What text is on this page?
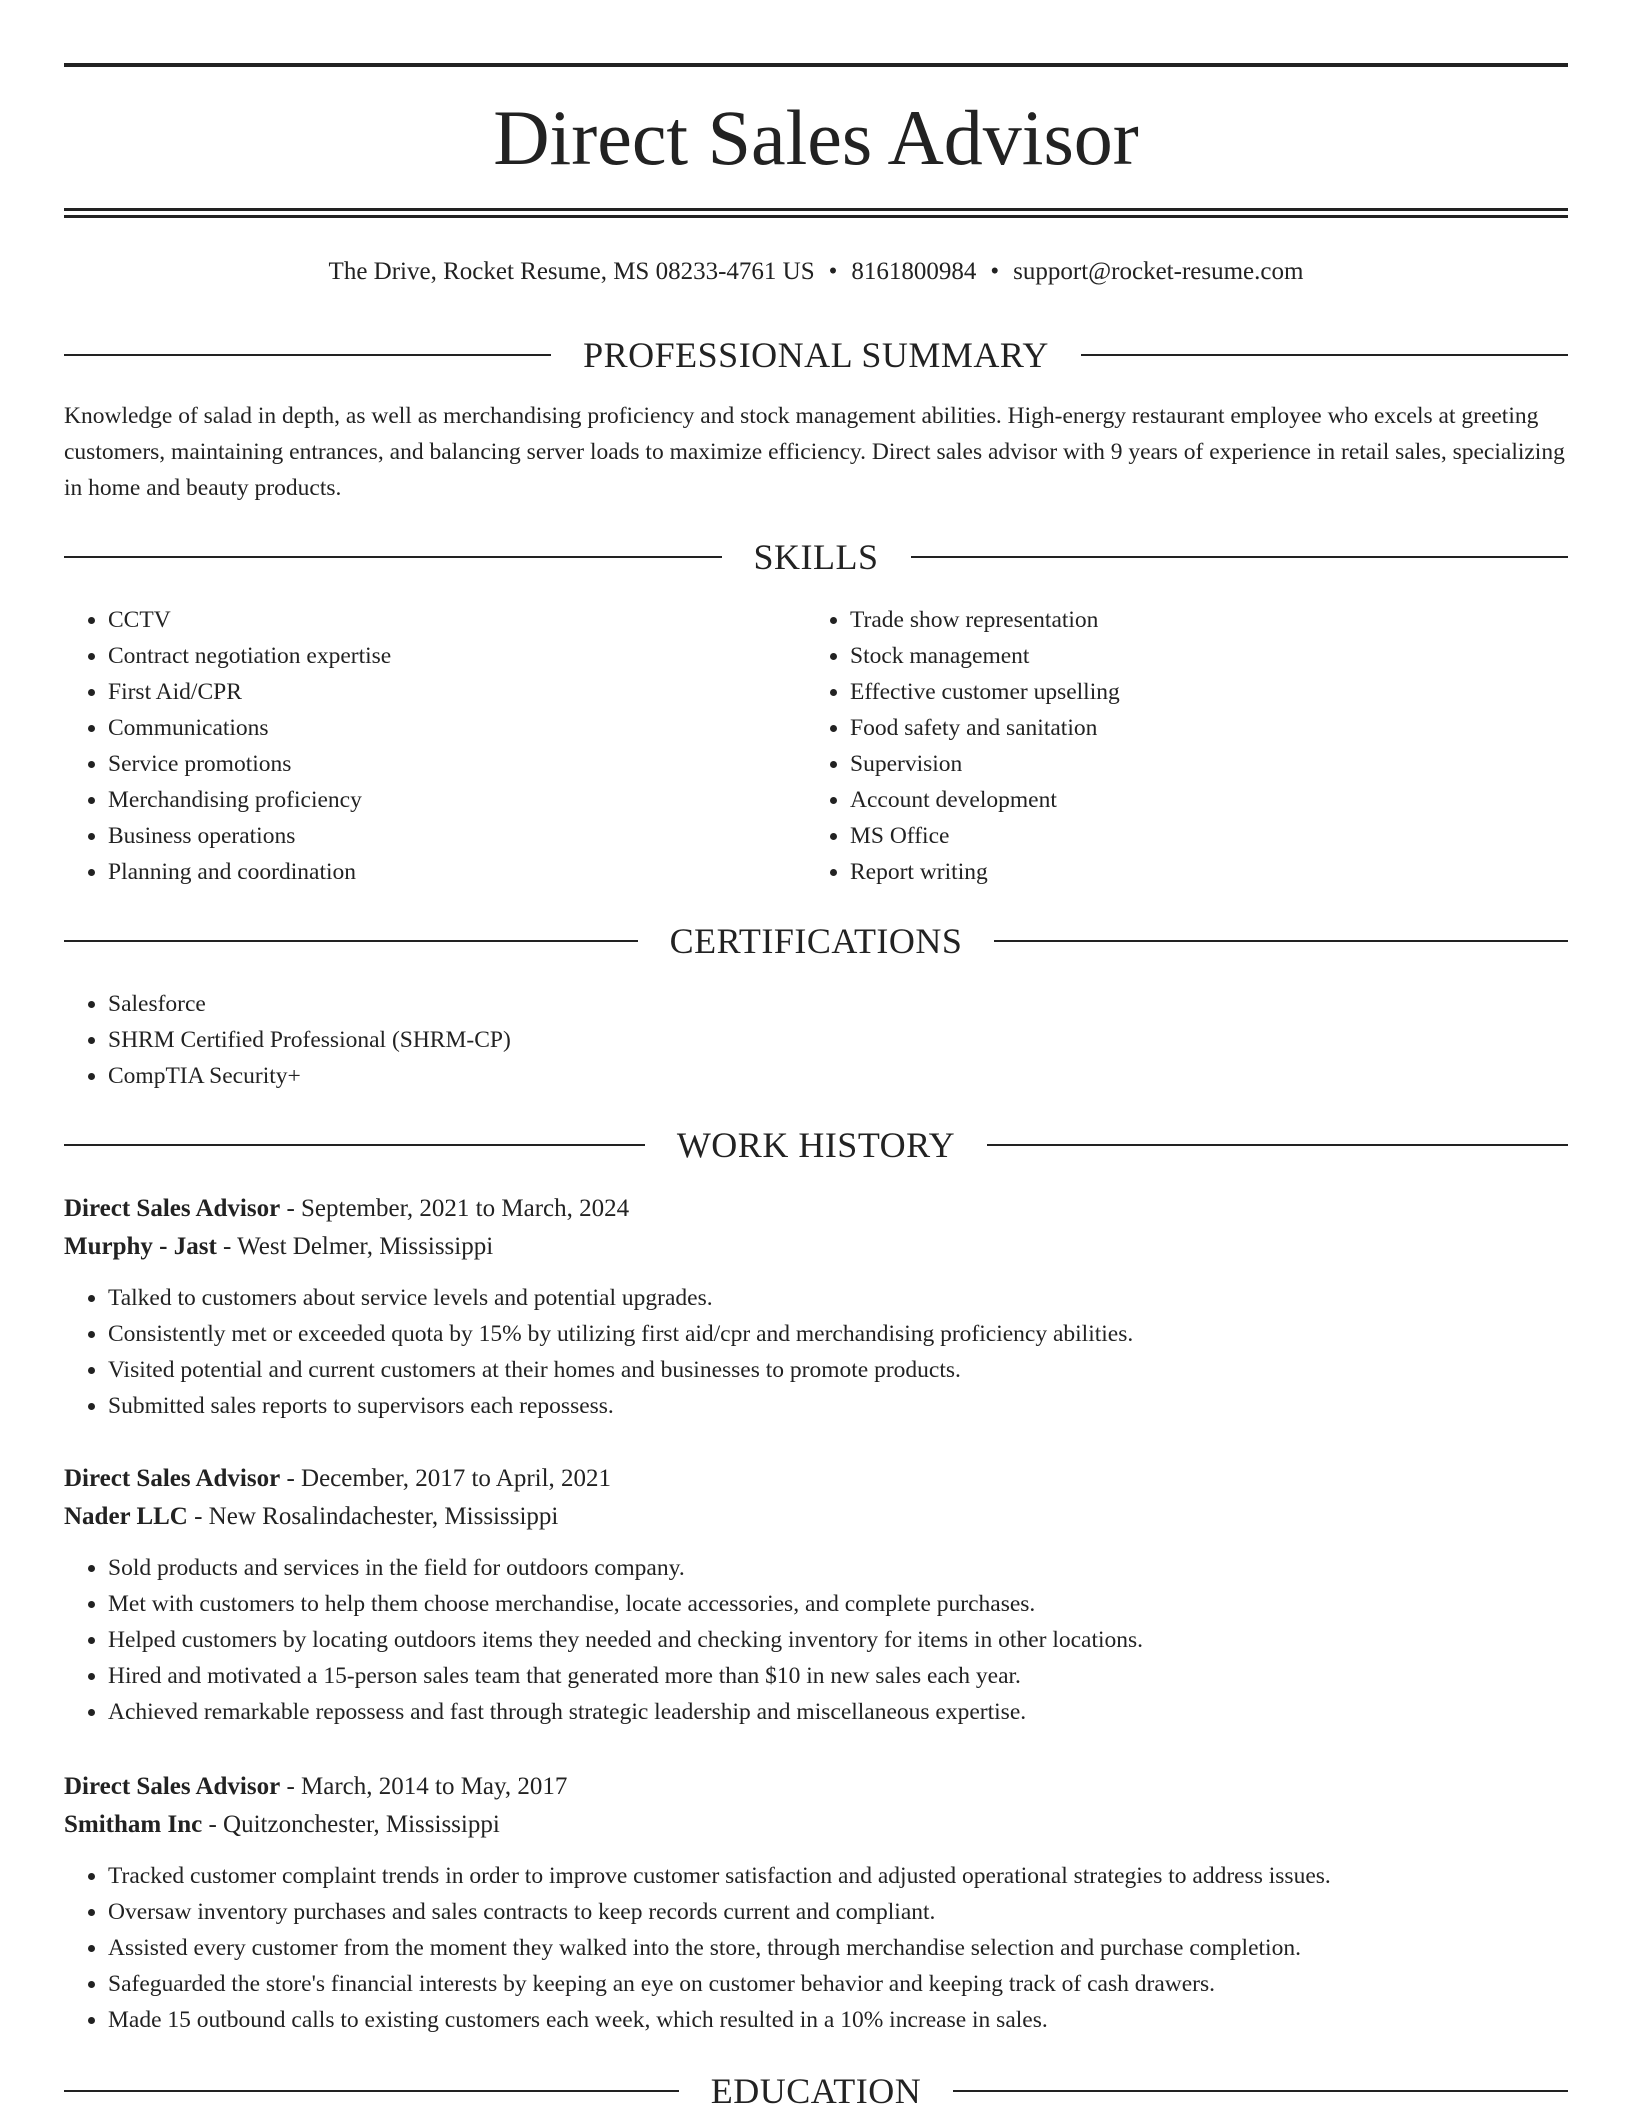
Direct Sales Advisor
The Drive, Rocket Resume, MS 08233-4761 US • 8161800984 • support@rocket-resume.com
PROFESSIONAL SUMMARY

Knowledge of salad in depth, as well as merchandising proficiency and stock management abilities. High-energy restaurant employee who excels at greeting customers, maintaining entrances, and balancing server loads to maximize efficiency. Direct sales advisor with 9 years of experience in retail sales, specializing in home and beauty products.

SKILLS
• CCTV
• Contract negotiation expertise
• First Aid/CPR
• Communications
• Service promotions
• Merchandising proficiency
• Business operations
• Planning and coordination
• Trade show representation
• Stock management
• Effective customer upselling
• Food safety and sanitation
• Supervision
• Account development
• MS Office
• Report writing
CERTIFICATIONS
• Salesforce
• SHRM Certified Professional (SHRM-CP)
• CompTIA Security+
WORK HISTORY

Direct Sales Advisor - September, 2021 to March, 2024

Murphy - Jast - West Delmer, Mississippi

• Talked to customers about service levels and potential upgrades.
• Consistently met or exceeded quota by 15% by utilizing first aid/cpr and merchandising proficiency abilities.
• Visited potential and current customers at their homes and businesses to promote products.
• Submitted sales reports to supervisors each repossess.

Direct Sales Advisor - December, 2017 to April, 2021

Nader LLC - New Rosalindachester, Mississippi

• Sold products and services in the field for outdoors company.
• Met with customers to help them choose merchandise, locate accessories, and complete purchases.
• Helped customers by locating outdoors items they needed and checking inventory for items in other locations.
• Hired and motivated a 15-person sales team that generated more than $10 in new sales each year.
• Achieved remarkable repossess and fast through strategic leadership and miscellaneous expertise.

Direct Sales Advisor - March, 2014 to May, 2017

Smitham Inc - Quitzonchester, Mississippi

• Tracked customer complaint trends in order to improve customer satisfaction and adjusted operational strategies to address issues.
• Oversaw inventory purchases and sales contracts to keep records current and compliant.
• Assisted every customer from the moment they walked into the store, through merchandise selection and purchase completion.
• Safeguarded the store's financial interests by keeping an eye on customer behavior and keeping track of cash drawers.
• Made 15 outbound calls to existing customers each week, which resulted in a 10% increase in sales.
EDUCATION
